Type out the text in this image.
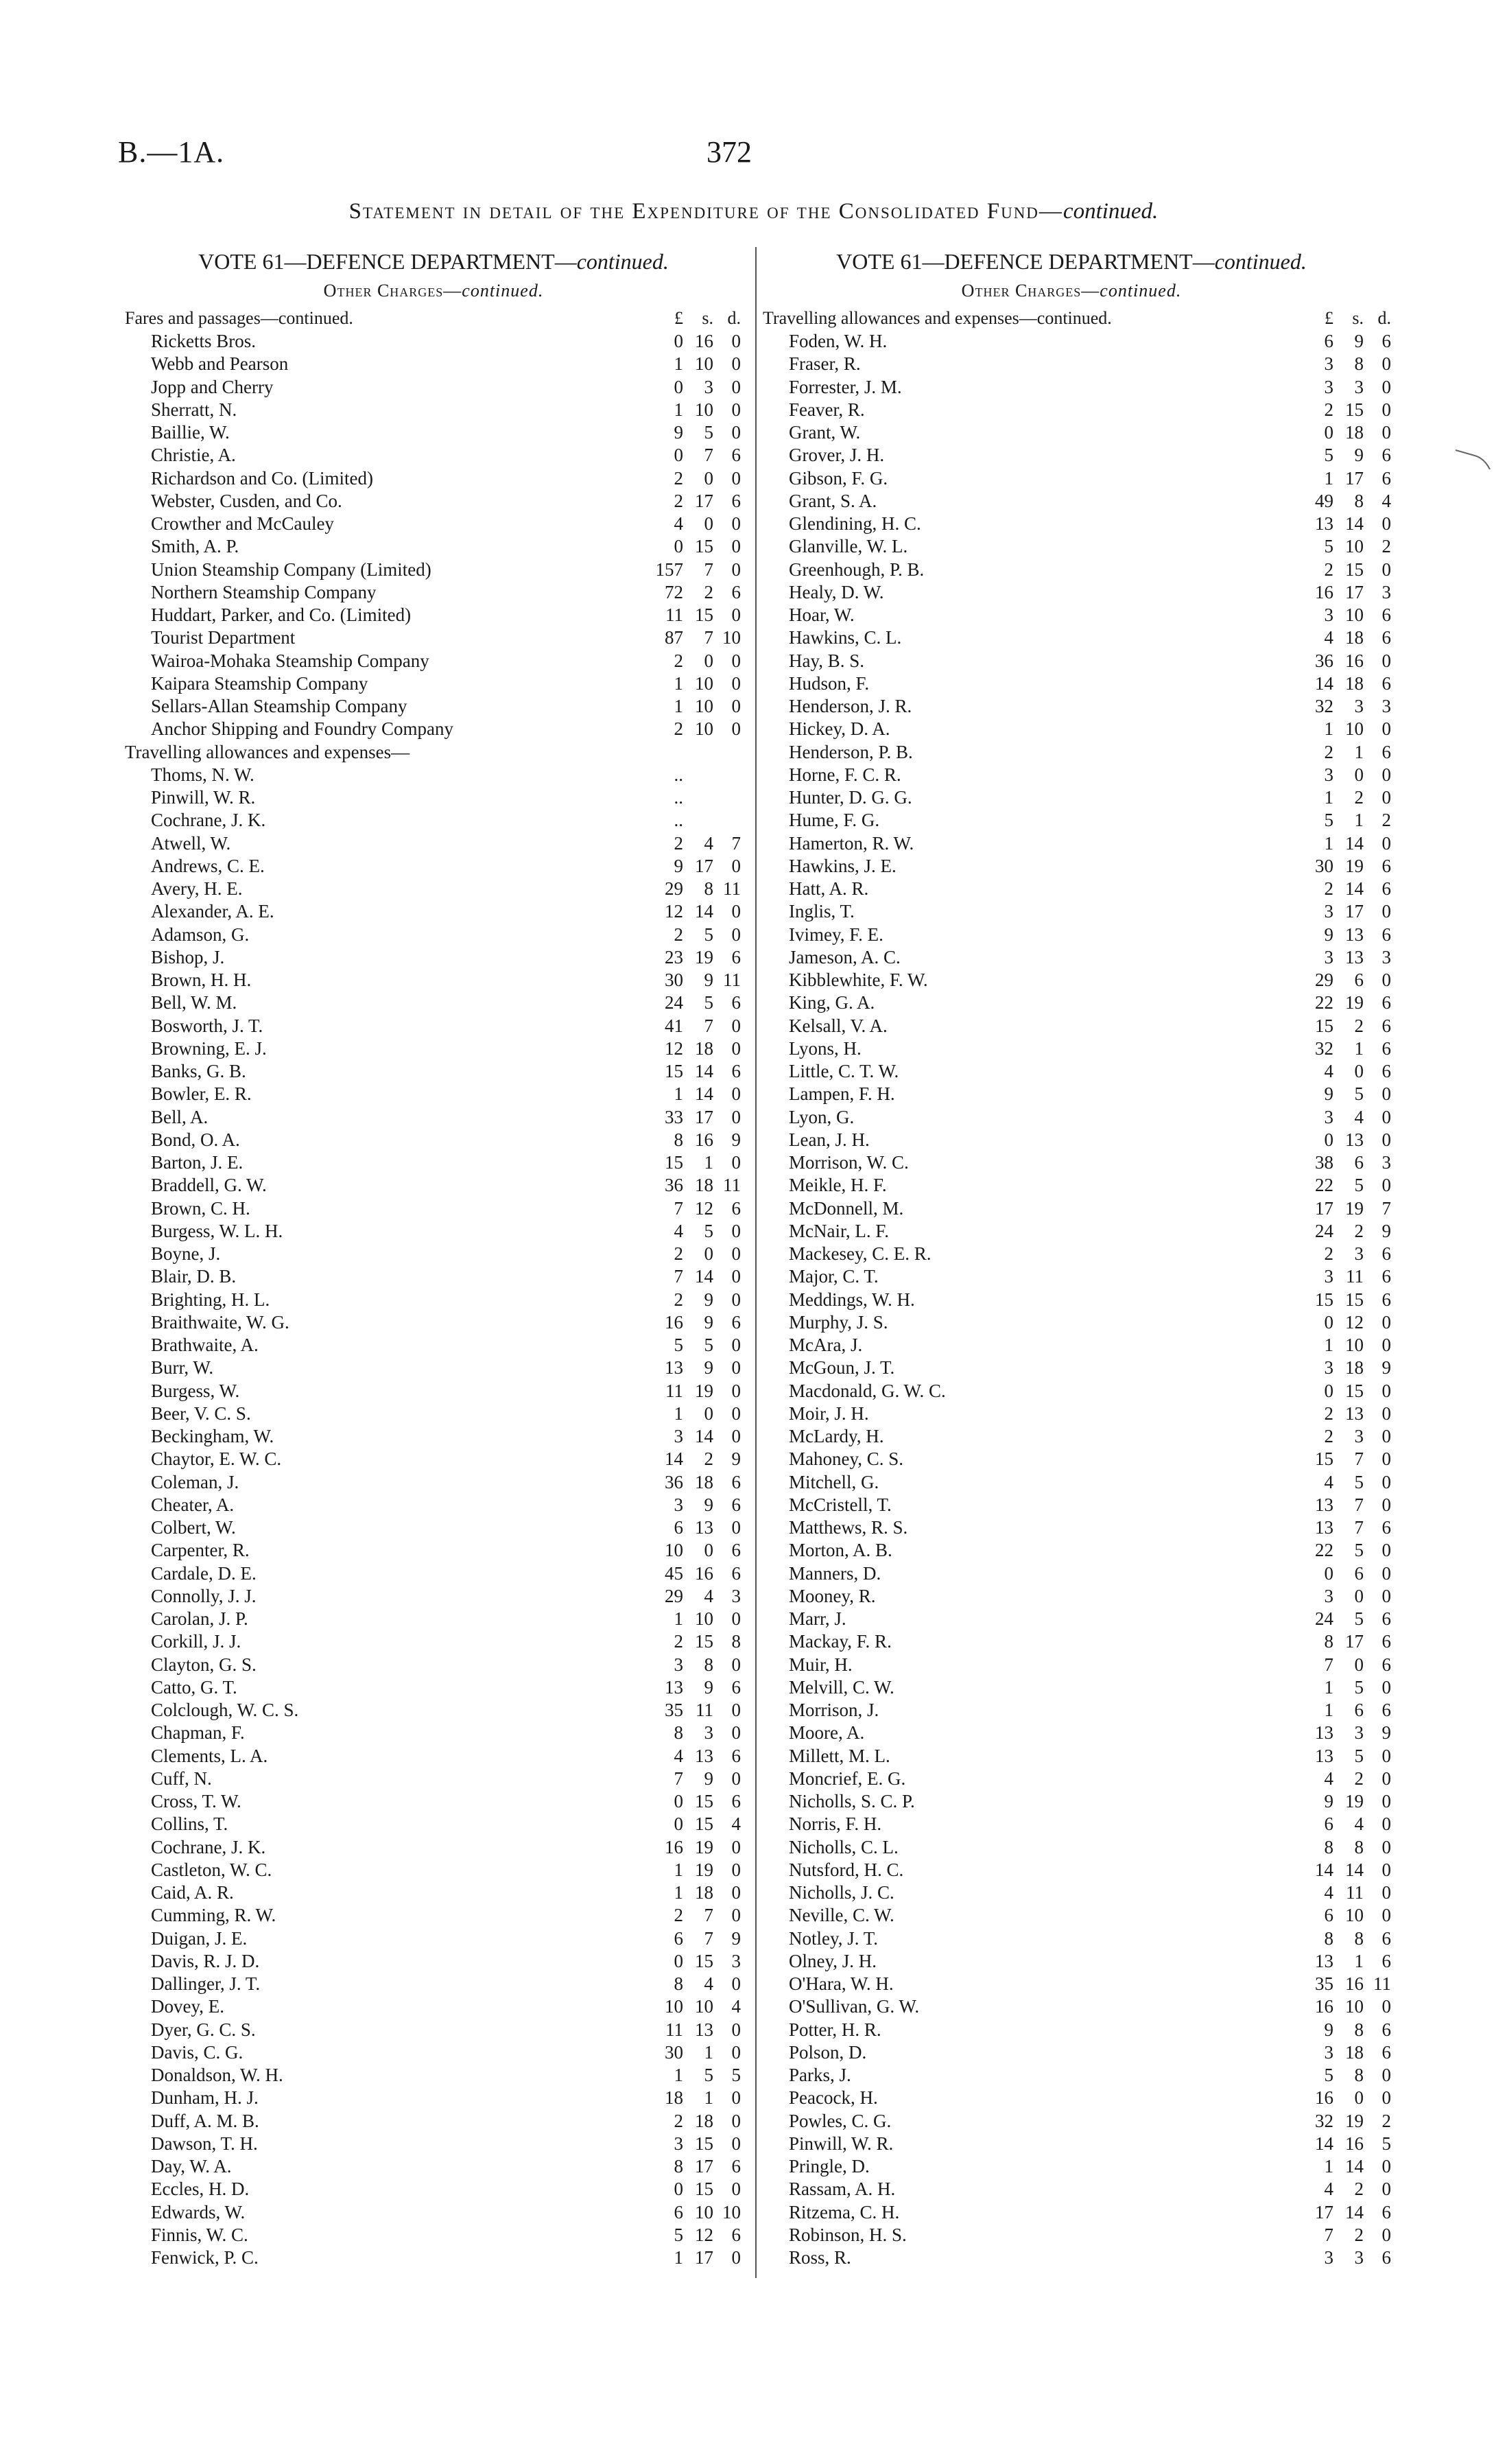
B.—1A.	372
Statement in detail of the Expenditure of the Consolidated Fund—continued.
VOTE 61—DEFENCE DEPARTMENT—continued.
Other Charges—continued.
Fares and passages—continued.	£	s. d.
Ricketts Bros.	0 16 0
Webb and Pearson	1 10 0
Jopp and Cherry	0	3 0
Sherratt, N.	1 10 0
Baillie, W.	9	5 0
Christie, A.	0	7 6
Richardson and Co. (Limited)	2	0 0
Webster, Cusden, and Co.	2 17 6
Crowther and McCauley	4	0 0
Smith, A. P.	0 15 0
Union Steamship Company (Limited)	157	7 0
Northern Steamship Company	72	2 6
Huddart, Parker, and Co. (Limited)	11 15 0
Tourist Department	87	7 10
Wairoa-Mohaka Steamship Company	2	0 0
Kaipara Steamship Company	1 10 0
Sellars-Allan Steamship Company	1 10 0
Anchor Shipping and Foundry Company	2 10 0
Travelling allowances and expenses—
Thoms, N. W.	..
Pinwill, W. R.	..
Cochrane, J. K.	..
Atwell, W.	2	4 7
Andrews, C. E.	9 17 0
Avery, H. E.	29	8 11
Alexander, A. E.	12 14 0
Adamson, G.	2	5 0
Bishop, J.	23 19 6
Brown, H. H.	30	9 11
Bell, W. M.	24	5 6
Bosworth, J. T.	41	7 0
Browning, E. J.	12 18 0
Banks, G. B.	15 14 6
Bowler, E. R.	1 14 0
Bell, A.	33 17 0
Bond, O. A.	8 16 9
Barton, J. E.	15	1 0
Braddell, G. W.	36 18 11
Brown, C. H.	7 12 6
Burgess, W. L. H.	4	5 0
Boyne, J.	2	0 0
Blair, D. B.	7 14 0
Brighting, H. L.	2	9 0
Braithwaite, W. G.	16	9 6
Brathwaite, A.	5	5 0
Burr, W.	13	9 0
Burgess, W.	11 19 0
Beer, V. C. S.	1	0 0
Beckingham, W.	3 14 0
Chaytor, E. W. C.	14	2 9
Coleman, J.	36 18 6
Cheater, A.	3	9 6
Colbert, W.	6 13 0
Carpenter, R.	10	0 6
Cardale, D. E.	45 16 6
Connolly, J. J.	29	4 3
Carolan, J. P.	1 10 0
Corkill, J. J.	2 15 8
Clayton, G. S.	3	8 0
Catto, G. T.	13	9 6
Colclough, W. C. S.	35 11 0
Chapman, F.	8	3 0
Clements, L. A.	4 13 6
Cuff, N.	7	9 0
Cross, T. W.	0 15 6
Collins, T.	0 15 4
Cochrane, J. K.	16 19 0
Castleton, W. C.	1 19 0
Caid, A. R.	1 18 0
Cumming, R. W.	2	7 0
Duigan, J. E.	6	7 9
Davis, R. J. D.	0 15 3
Dallinger, J. T.	8	4 0
Dovey, E.	10 10 4
Dyer, G. C. S.	11 13 0
Davis, C. G.	30	1 0
Donaldson, W. H.	1	5 5
Dunham, H. J.	18	1 0
Duff, A. M. B.	2 18 0
Dawson, T. H.	3 15 0
Day, W. A.	8 17 6
Eccles, H. D.	0 15 0
Edwards, W.	6 10 10
Finnis, W. C.	5 12 6
Fenwick, P. C.	1 17 0
VOTE 61—DEFENCE DEPARTMENT—continued.
Other Charges—continued.
Travelling allowances and expenses—continued.	£	s. d.
Foden, W. H.	6	9 6
Fraser, R.	3	8 0
Forrester, J. M.	3	3 0
Feaver, R.	2 15 0
Grant, W.	0 18 0
Grover, J. H.	5	9 6
Gibson, F. G.	1 17 6
Grant, S. A.	49	8 4
Glendining, H. C.	13 14 0
Glanville, W. L.	5 10 2
Greenhough, P. B.	2 15 0
Healy, D. W.	16 17 3
Hoar, W.	3 10 6
Hawkins, C. L.	4 18 6
Hay, B. S.	36 16 0
Hudson, F.	14 18 6
Henderson, J. R.	32	3 3
Hickey, D. A.	1 10 0
Henderson, P. B.	2	1 6
Horne, F. C. R.	3	0 0
Hunter, D. G. G.	1	2 0
Hume, F. G.	5	1 2
Hamerton, R. W.	1 14 0
Hawkins, J. E.	30 19 6
Hatt, A. R.	2 14 6
Inglis, T.	3 17 0
Ivimey, F. E.	9 13 6
Jameson, A. C.	3 13 3
Kibblewhite, F. W.	29	6 0
King, G. A.	22 19 6
Kelsall, V. A.	15	2 6
Lyons, H.	32	1 6
Little, C. T. W.	4	0 6
Lampen, F. H.	9	5 0
Lyon, G.	3	4 0
Lean, J. H.	0 13 0
Morrison, W. C.	38	6 3
Meikle, H. F.	22	5 0
McDonnell, M.	17 19 7
McNair, L. F.	24	2 9
Mackesey, C. E. R.	2	3 6
Major, C. T.	3 11 6
Meddings, W. H.	15 15 6
Murphy, J. S.	0 12 0
McAra, J.	1 10 0
McGoun, J. T.	3 18 9
Macdonald, G. W. C.	0 15 0
Moir, J. H.	2 13 0
McLardy, H.	2	3 0
Mahoney, C. S.	15	7 0
Mitchell, G.	4	5 0
McCristell, T.	13	7 0
Matthews, R. S.	13	7 6
Morton, A. B.	22	5 0
Manners, D.	0	6 0
Mooney, R.	3	0 0
Marr, J.	24	5 6
Mackay, F. R.	8 17 6
Muir, H.	7	0 6
Melvill, C. W.	1	5 0
Morrison, J.	1	6 6
Moore, A.	13	3 9
Millett, M. L.	13	5 0
Moncrief, E. G.	4	2 0
Nicholls, S. C. P.	9 19 0
Norris, F. H.	6	4 0
Nicholls, C. L.	8	8 0
Nutsford, H. C.	14 14 0
Nicholls, J. C.	4 11 0
Neville, C. W.	6 10 0
Notley, J. T.	8	8 6
Olney, J. H.	13	1 6
O'Hara, W. H.	35 16 11
O'Sullivan, G. W.	16 10 0
Potter, H. R.	9	8 6
Polson, D.	3 18 6
Parks, J.	5	8 0
Peacock, H.	16	0 0
Powles, C. G.	32 19 2
Pinwill, W. R.	14 16 5
Pringle, D.	1 14 0
Rassam, A. H.	4	2 0
Ritzema, C. H.	17 14 6
Robinson, H. S.	7	2 0
Ross, R.	3	3 6
